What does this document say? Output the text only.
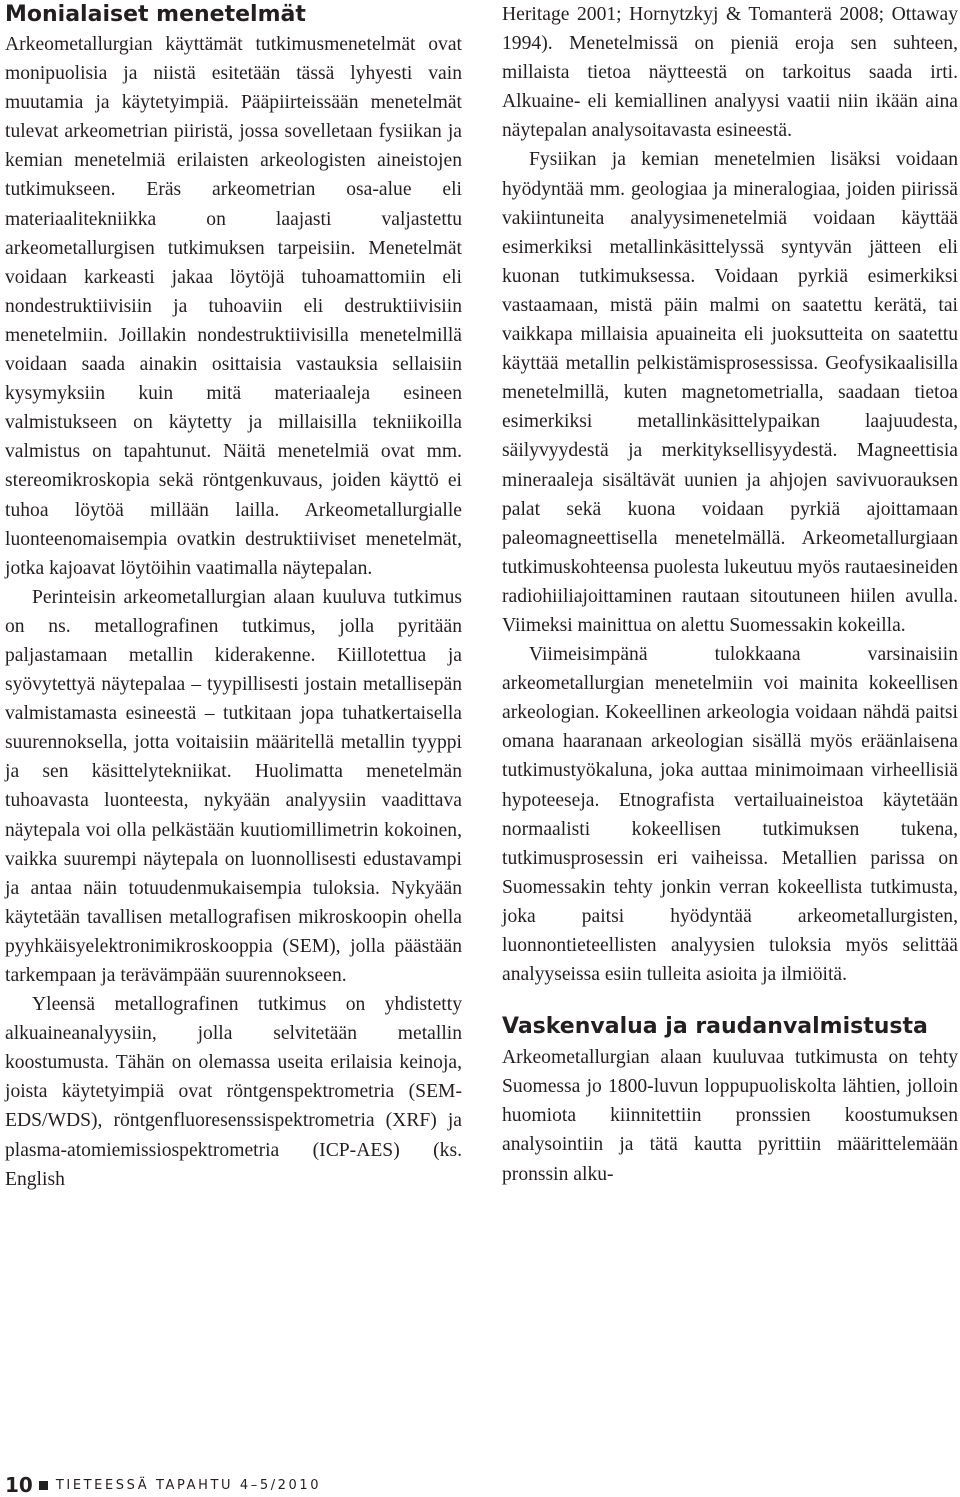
Monialaiset menetelmät

Arkeometallurgian käyttämät tutkimusmenetelmät ovat monipuolisia ja niistä esitetään tässä lyhyesti vain muutamia ja käytetyimpiä. Pääpiirteissään menetelmät tulevat arkeometrian piiristä, jossa sovelletaan fysiikan ja kemian menetelmiä erilaisten arkeologisten aineistojen tutkimukseen. Eräs arkeometrian osa-alue eli materiaalitekniikka on laajasti valjastettu arkeometallurgisen tutkimuksen tarpeisiin. Menetelmät voidaan karkeasti jakaa löytöjä tuhoamattomiin eli nondestruktiivisiin ja tuhoaviin eli destruktiivisiin menetelmiin. Joillakin nondestruktiivisilla menetelmillä voidaan saada ainakin osittaisia vastauksia sellaisiin kysymyksiin kuin mitä materiaaleja esineen valmistukseen on käytetty ja millaisilla tekniikoilla valmistus on tapahtunut. Näitä menetelmiä ovat mm. stereomikroskopia sekä röntgenkuvaus, joiden käyttö ei tuhoa löytöä millään lailla. Arkeometallurgialle luonteenomaisempia ovatkin destruktiiviset menetelmät, jotka kajoavat löytöihin vaatimalla näytepalan.

Perinteisin arkeometallurgian alaan kuuluva tutkimus on ns. metallografinen tutkimus, jolla pyritään paljastamaan metallin kiderakenne. Kiillotettua ja syövytettyä näytepalaa – tyypillisesti jostain metallisepän valmistamasta esineestä – tutkitaan jopa tuhatkertaisella suurennoksella, jotta voitaisiin määritellä metallin tyyppi ja sen käsittelytekniikat. Huolimatta menetelmän tuhoavasta luonteesta, nykyään analyysiin vaadittava näytepala voi olla pelkästään kuutiomillimetrin kokoinen, vaikka suurempi näytepala on luonnollisesti edustavampi ja antaa näin totuudenmukaisempia tuloksia. Nykyään käytetään tavallisen metallografisen mikroskoopin ohella pyyhkäisyelektronimikroskooppia (SEM), jolla päästään tarkempaan ja terävämpään suurennokseen.

Yleensä metallografinen tutkimus on yhdistetty alkuaineanalyysiin, jolla selvitetään metallin koostumusta. Tähän on olemassa useita erilaisia keinoja, joista käytetyimpiä ovat röntgenspektrometria (SEM-EDS/WDS), röntgenfluoresenssispektrometria (XRF) ja plasma-atomiemissiospektrometria (ICP-AES) (ks. English

Heritage 2001; Hornytzkyj & Tomanterä 2008; Ottaway 1994). Menetelmissä on pieniä eroja sen suhteen, millaista tietoa näytteestä on tarkoitus saada irti. Alkuaine- eli kemiallinen analyysi vaatii niin ikään aina näytepalan analysoitavasta esineestä.

Fysiikan ja kemian menetelmien lisäksi voidaan hyödyntää mm. geologiaa ja mineralogiaa, joiden piirissä vakiintuneita analyysimenetelmiä voidaan käyttää esimerkiksi metallinkäsittelyssä syntyvän jätteen eli kuonan tutkimuksessa. Voidaan pyrkiä esimerkiksi vastaamaan, mistä päin malmi on saatettu kerätä, tai vaikkapa millaisia apuaineita eli juoksutteita on saatettu käyttää metallin pelkistämisprosessissa. Geofysikaalisilla menetelmillä, kuten magnetometrialla, saadaan tietoa esimerkiksi metallinkäsittelypaikan laajuudesta, säilyvyydestä ja merkityksellisyydestä. Magneettisia mineraaleja sisältävät uunien ja ahjojen savivuorauksen palat sekä kuona voidaan pyrkiä ajoittamaan paleomagneettisella menetelmällä. Arkeometallurgiaan tutkimuskohteensa puolesta lukeutuu myös rautaesineiden radiohiiliajoittaminen rautaan sitoutuneen hiilen avulla. Viimeksi mainittua on alettu Suomessakin kokeilla.

Viimeisimpänä tulokkaana varsinaisiin arkeometallurgian menetelmiin voi mainita kokeellisen arkeologian. Kokeellinen arkeologia voidaan nähdä paitsi omana haaranaan arkeologian sisällä myös eräänlaisena tutkimustyökaluna, joka auttaa minimoimaan virheellisiä hypoteeseja. Etnografista vertailuaineistoa käytetään normaalisti kokeellisen tutkimuksen tukena, tutkimusprosessin eri vaiheissa. Metallien parissa on Suomessakin tehty jonkin verran kokeellista tutkimusta, joka paitsi hyödyntää arkeometallurgisten, luonnontieteellisten analyysien tuloksia myös selittää analyyseissa esiin tulleita asioita ja ilmiöitä.

Vaskenvalua ja raudanvalmistusta

Arkeometallurgian alaan kuuluvaa tutkimusta on tehty Suomessa jo 1800-luvun loppupuoliskolta lähtien, jolloin huomiota kiinnitettiin pronssien koostumuksen analysointiin ja tätä kautta pyrittiin määrittelemään pronssin alku-

10 TIETEESSÄ TAPAHTU 4–5/2010
